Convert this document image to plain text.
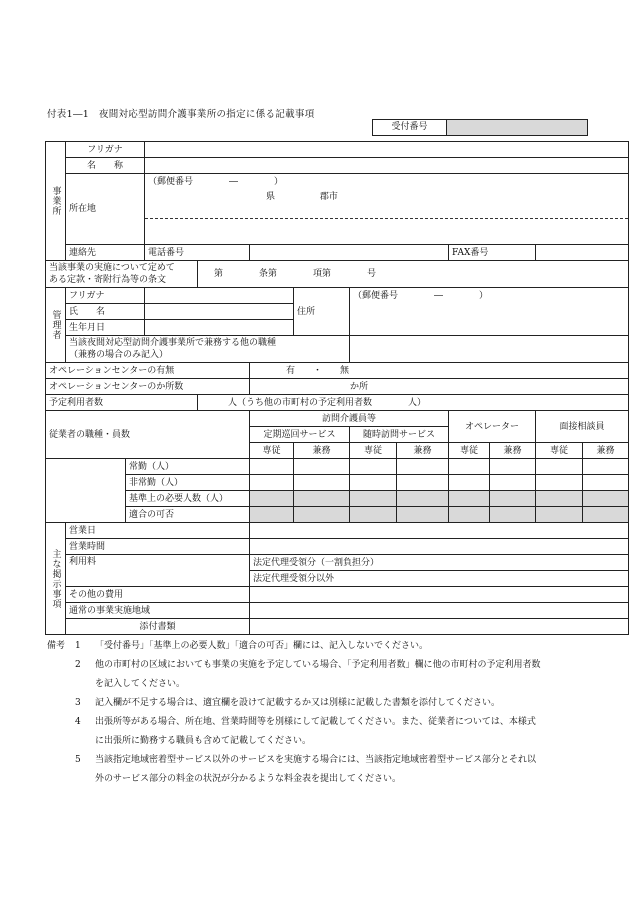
付表1―1　夜間対応型訪問介護事業所の指定に係る記載事項
受付番号
事業所	フリガナ											
	名　　称											
	所在地		（郵便番号　　　　―　　　　）									
			県 郡市									

	連絡先		電話番号						FAX番号			

当該事業の実施について定めて
ある定款・寄附行為等の条文				第　　　　条第　　　　項第　　　　号								
管理者	フリガナ					住所	（郵便番号　　　　―　　　　）					
	氏　　名											
	生年月日											

	当該夜間対応型訪問介護事業所で兼務する他の職種
（兼務の場合のみ記入）											

オペレーションセンターの有無					有　　・　　無							
オペレーションセンターのか所数					か所							
予定利用者数				人（うち他の市町村の予定利用者数　　　　人）								
従業者の職種・員数					訪問介護員等				オペレーター		面接相談員	
					定期巡回サービス		随時訪問サービス					
					専従	兼務	専従	兼務	専従	兼務	専従	兼務
		常勤（人）										
		非常勤（人）										
		基準上の必要人数（人）										
		適合の可否										
主な掲示事項	営業日											
	営業時間											
	利用料				法定代理受領分（一割負担分）							
					法定代理受領分以外							
	その他の費用											
	通常の事業実施地域											
	添付書類											
備考	1	「受付番号」「基準上の必要人数」「適合の可否」欄には、記入しないでください。
2	他の市町村の区域においても事業の実施を予定している場合、「予定利用者数」欄に他の市町村の予定利用者数
を記入してください。
3	記入欄が不足する場合は、適宜欄を設けて記載するか又は別様に記載した書類を添付してください。
4	出張所等がある場合、所在地、営業時間等を別様にして記載してください。また、従業者については、本様式
に出張所に勤務する職員も含めて記載してください。
5	当該指定地域密着型サービス以外のサービスを実施する場合には、当該指定地域密着型サービス部分とそれ以
外のサービス部分の料金の状況が分かるような料金表を提出してください。
